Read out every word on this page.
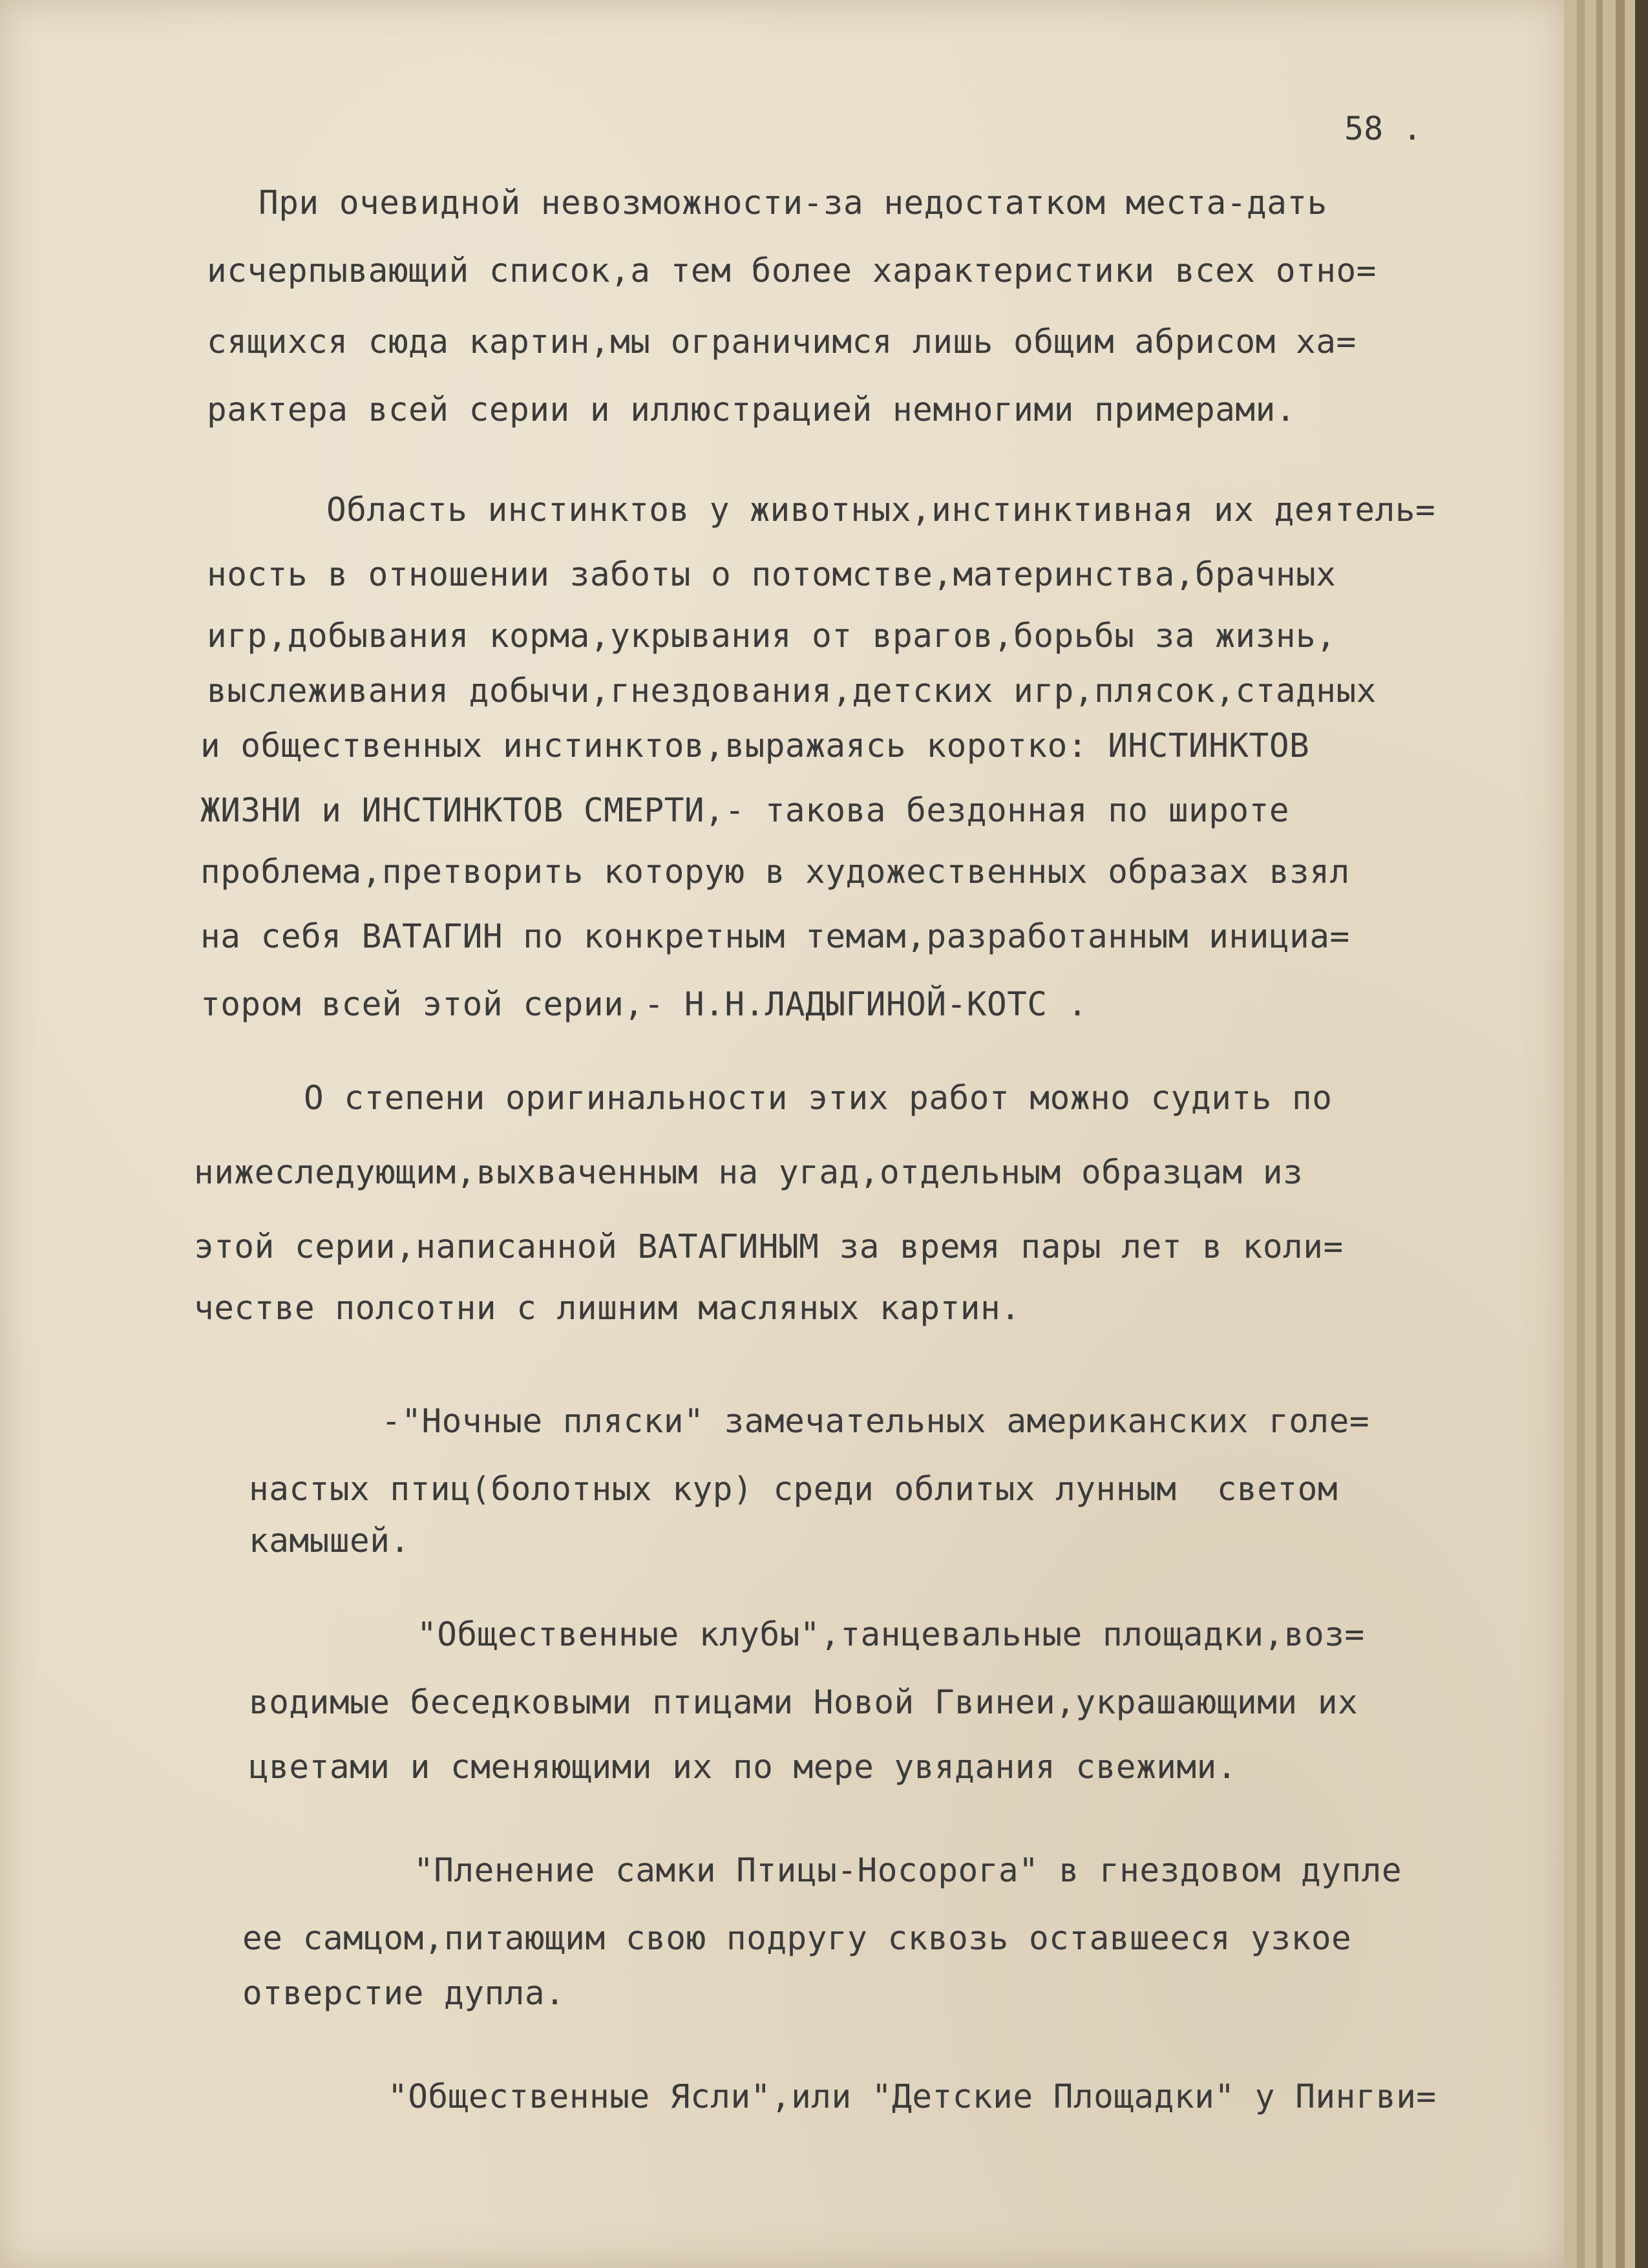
58 .

При очевидной невозможности-за недостатком места-дать

исчерпывающий список,а тем более характеристики всех отно=

сящихся сюда картин,мы ограничимся лишь общим абрисом ха=

рактера всей серии и иллюстрацией немногими примерами.

Область инстинктов у животных,инстинктивная их деятель=

ность в отношении заботы о потомстве,материнства,брачных

игр,добывания корма,укрывания от врагов,борьбы за жизнь,

выслеживания добычи,гнездования,детских игр,плясок,стадных

и общественных инстинктов,выражаясь коротко: ИНСТИНКТОВ

ЖИЗНИ и ИНСТИНКТОВ СМЕРТИ,- такова бездонная по широте

проблема,претворить которую в художественных образах взял

на себя ВАТАГИН по конкретным темам,разработанным инициа=

тором всей этой серии,- Н.Н.ЛАДЫГИНОЙ-КОТС .

О степени оригинальности этих работ можно судить по

нижеследующим,выхваченным на угад,отдельным образцам из

этой серии,написанной ВАТАГИНЫМ за время пары лет в коли=

честве полсотни с лишним масляных картин.

-"Ночные пляски" замечательных американских голе=

настых птиц(болотных кур) среди облитых лунным  светом

камышей.

"Общественные клубы",танцевальные площадки,воз=

водимые беседковыми птицами Новой Гвинеи,украшающими их

цветами и сменяющими их по мере увядания свежими.

"Пленение самки Птицы-Носорога" в гнездовом дупле

ее самцом,питающим свою подругу сквозь оставшееся узкое

отверстие дупла.

"Общественные Ясли",или "Детские Площадки" у Пингви=
